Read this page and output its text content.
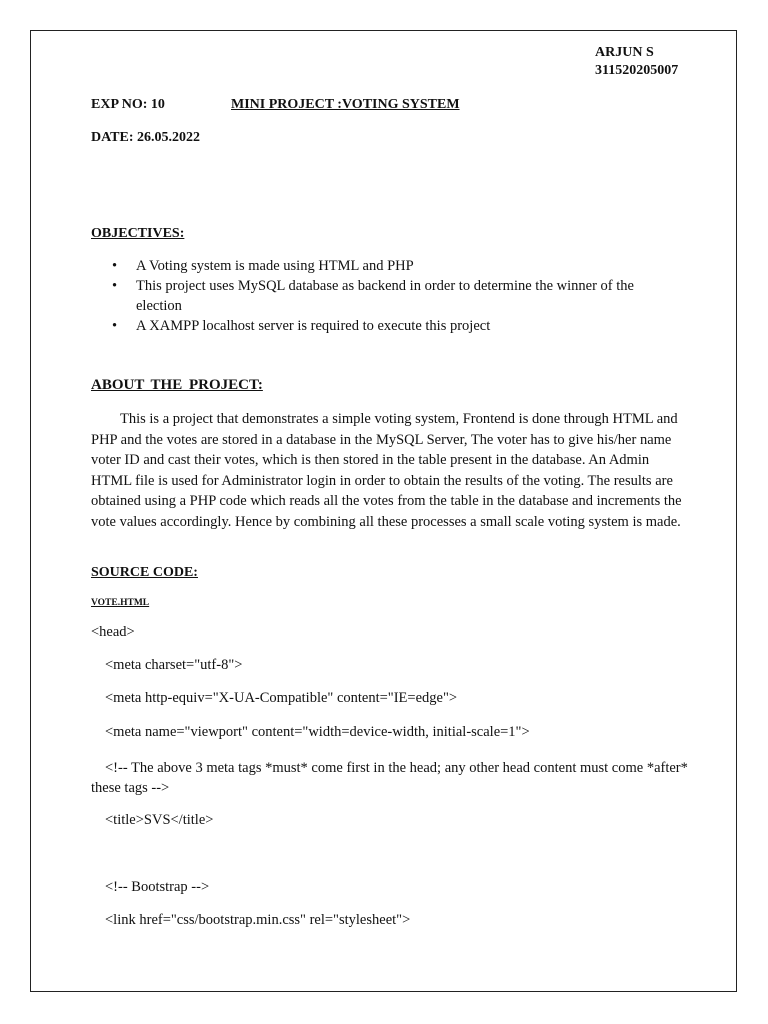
ARJUN S
311520205007
EXP NO: 10	MINI PROJECT :VOTING SYSTEM
DATE: 26.05.2022
OBJECTIVES:
• A Voting system is made using HTML and PHP
• This project uses MySQL database as backend in order to determine the winner of the election
• A XAMPP localhost server is required to execute this project
ABOUT THE PROJECT:

This is a project that demonstrates a simple voting system, Frontend is done through HTML and PHP and the votes are stored in a database in the MySQL Server, The voter has to give his/her name voter ID and cast their votes, which is then stored in the table present in the database. An Admin HTML file is used for Administrator login in order to obtain the results of the voting. The results are obtained using a PHP code which reads all the votes from the table in the database and increments the vote values accordingly. Hence by combining all these processes a small scale voting system is made.

SOURCE CODE:
VOTE.HTML
<head>
<meta charset="utf-8">
<meta http-equiv="X-UA-Compatible" content="IE=edge">
<meta name="viewport" content="width=device-width, initial-scale=1">
<!-- The above 3 meta tags *must* come first in the head; any other head content must come *after* these tags -->
<title>SVS</title>
<!-- Bootstrap -->
<link href="css/bootstrap.min.css" rel="stylesheet">
